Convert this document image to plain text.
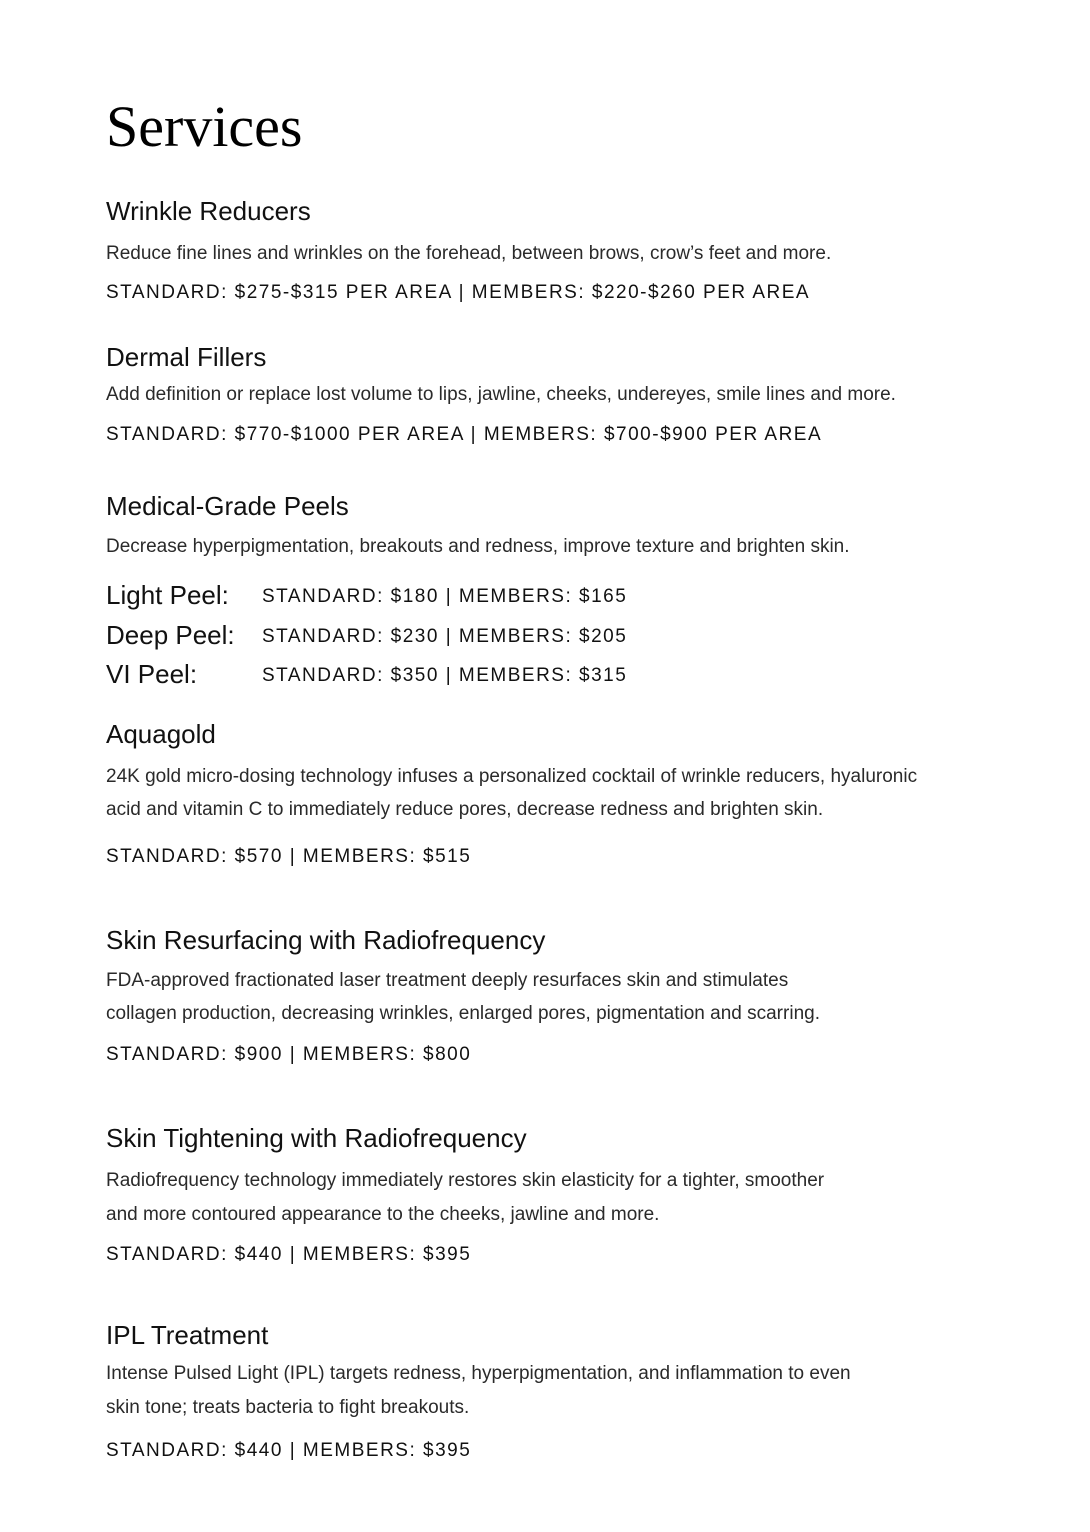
Services
Wrinkle Reducers

Reduce fine lines and wrinkles on the forehead, between brows, crow’s feet and more.

STANDARD: $275-$315 PER AREA | MEMBERS: $220-$260 PER AREA

Dermal Fillers

Add definition or replace lost volume to lips, jawline, cheeks, undereyes, smile lines and more.

STANDARD: $770-$1000 PER AREA | MEMBERS: $700-$900 PER AREA

Medical-Grade Peels

Decrease hyperpigmentation, breakouts and redness, improve texture and brighten skin.

Light Peel: STANDARD: $180 | MEMBERS: $165
Deep Peel: STANDARD: $230 | MEMBERS: $205
VI Peel:	STANDARD: $350 | MEMBERS: $315
Aquagold

24K gold micro-dosing technology infuses a personalized cocktail of wrinkle reducers, hyaluronic

acid and vitamin C to immediately reduce pores, decrease redness and brighten skin.

STANDARD: $570 | MEMBERS: $515

Skin Resurfacing with Radiofrequency

FDA-approved fractionated laser treatment deeply resurfaces skin and stimulates

collagen production, decreasing wrinkles, enlarged pores, pigmentation and scarring.

STANDARD: $900 | MEMBERS: $800

Skin Tightening with Radiofrequency

Radiofrequency technology immediately restores skin elasticity for a tighter, smoother

and more contoured appearance to the cheeks, jawline and more.

STANDARD: $440 | MEMBERS: $395

IPL Treatment

Intense Pulsed Light (IPL) targets redness, hyperpigmentation, and inflammation to even

skin tone; treats bacteria to fight breakouts.

STANDARD: $440 | MEMBERS: $395
